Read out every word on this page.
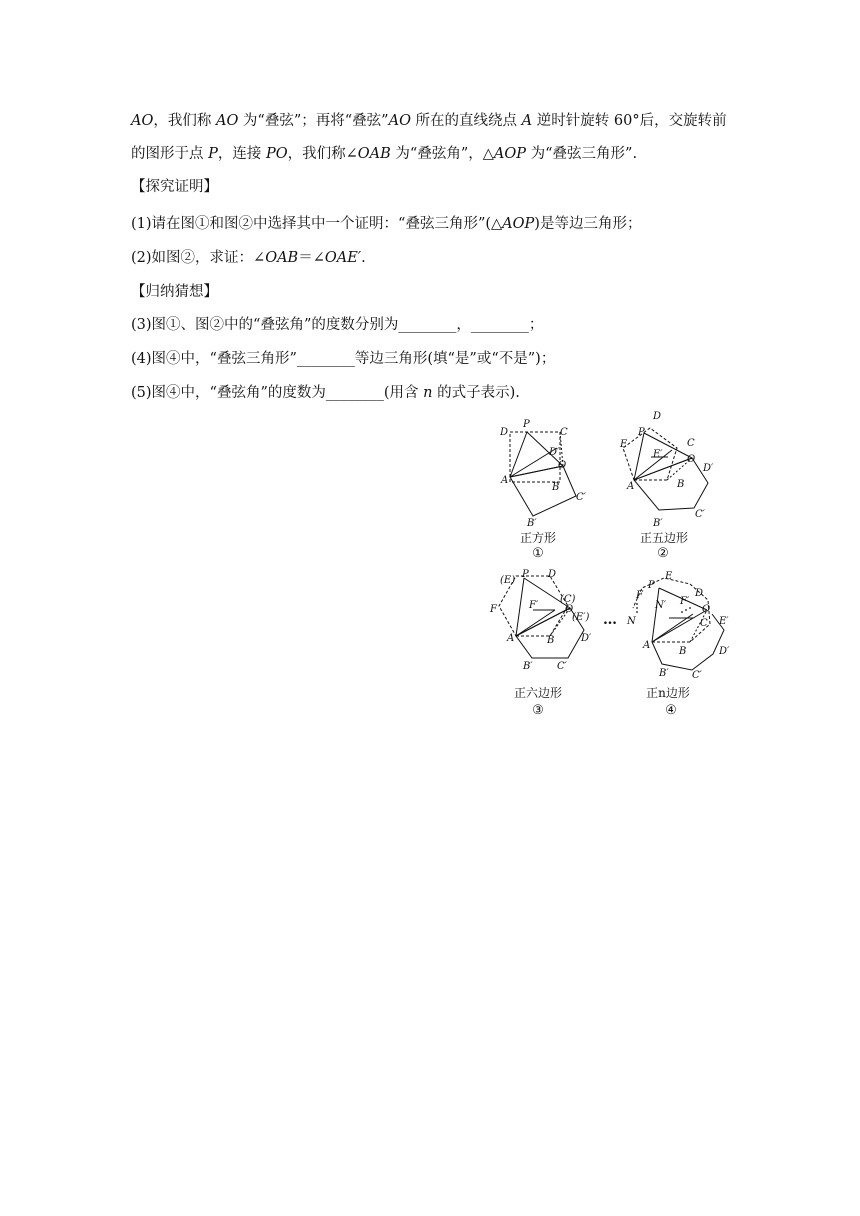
AO，我们称 AO 为“叠弦”；再将“叠弦”AO 所在的直线绕点 A 逆时针旋转 60°后，交旋转前
的图形于点 P，连接 PO，我们称∠OAB 为“叠弦角”，△AOP 为“叠弦三角形”.
【探究证明】
(1)请在图①和图②中选择其中一个证明：“叠弦三角形”(△AOP)是等边三角形；
(2)如图②，求证：∠OAB＝∠OAE′.
【归纳猜想】
(3)图①、图②中的“叠弦角”的度数分别为________，________；
(4)图④中，“叠弦三角形”________等边三角形(填“是”或“不是”)；
(5)图④中，“叠弦角”的度数为________(用含 n 的式子表示).
D
P
C
D′
O
A
B
C′
B′
正方形
①
D
P
E	C
E′ O
D′
A	B
C′
B′
正五边形
②
(E)
P D
(C)
F	F′	O
(E′)
A	B	D′
B′ C′
正六边形
③
…
P
E
D
F
N′ F′
O
N	C E′
A
B	D′
B′ C′
正n边形
④
